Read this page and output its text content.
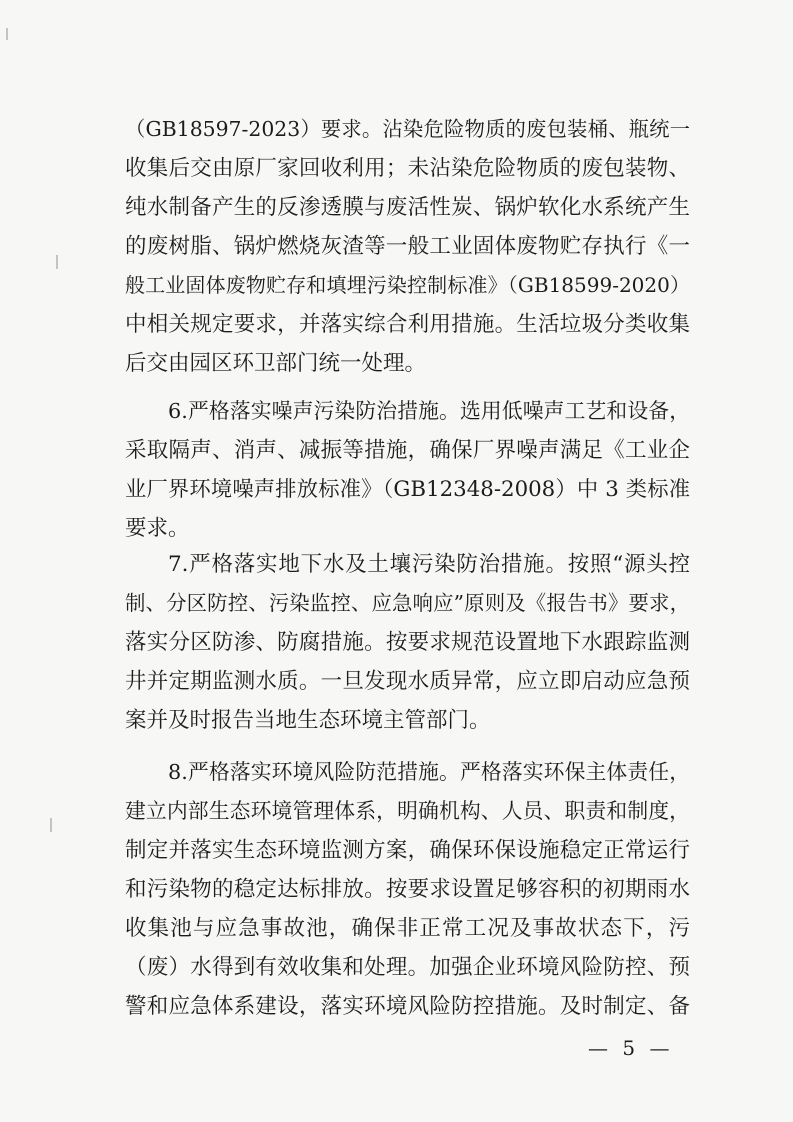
（GB18597-2023）要求。沾染危险物质的废包装桶、瓶统一
收集后交由原厂家回收利用；未沾染危险物质的废包装物、
纯水制备产生的反渗透膜与废活性炭、锅炉软化水系统产生
的废树脂、锅炉燃烧灰渣等一般工业固体废物贮存执行《一
般工业固体废物贮存和填埋污染控制标准》（GB18599-2020）
中相关规定要求，并落实综合利用措施。生活垃圾分类收集
后交由园区环卫部门统一处理。
6.严格落实噪声污染防治措施。选用低噪声工艺和设备，
采取隔声、消声、减振等措施，确保厂界噪声满足《工业企
业厂界环境噪声排放标准》（GB12348-2008）中 3 类标准
要求。
7.严格落实地下水及土壤污染防治措施。按照“源头控
制、分区防控、污染监控、应急响应”原则及《报告书》要求，
落实分区防渗、防腐措施。按要求规范设置地下水跟踪监测
井并定期监测水质。一旦发现水质异常，应立即启动应急预
案并及时报告当地生态环境主管部门。
8.严格落实环境风险防范措施。严格落实环保主体责任，
建立内部生态环境管理体系，明确机构、人员、职责和制度，
制定并落实生态环境监测方案，确保环保设施稳定正常运行
和污染物的稳定达标排放。按要求设置足够容积的初期雨水
收集池与应急事故池，确保非正常工况及事故状态下，污
（废）水得到有效收集和处理。加强企业环境风险防控、预
警和应急体系建设，落实环境风险防控措施。及时制定、备
— 5 —
